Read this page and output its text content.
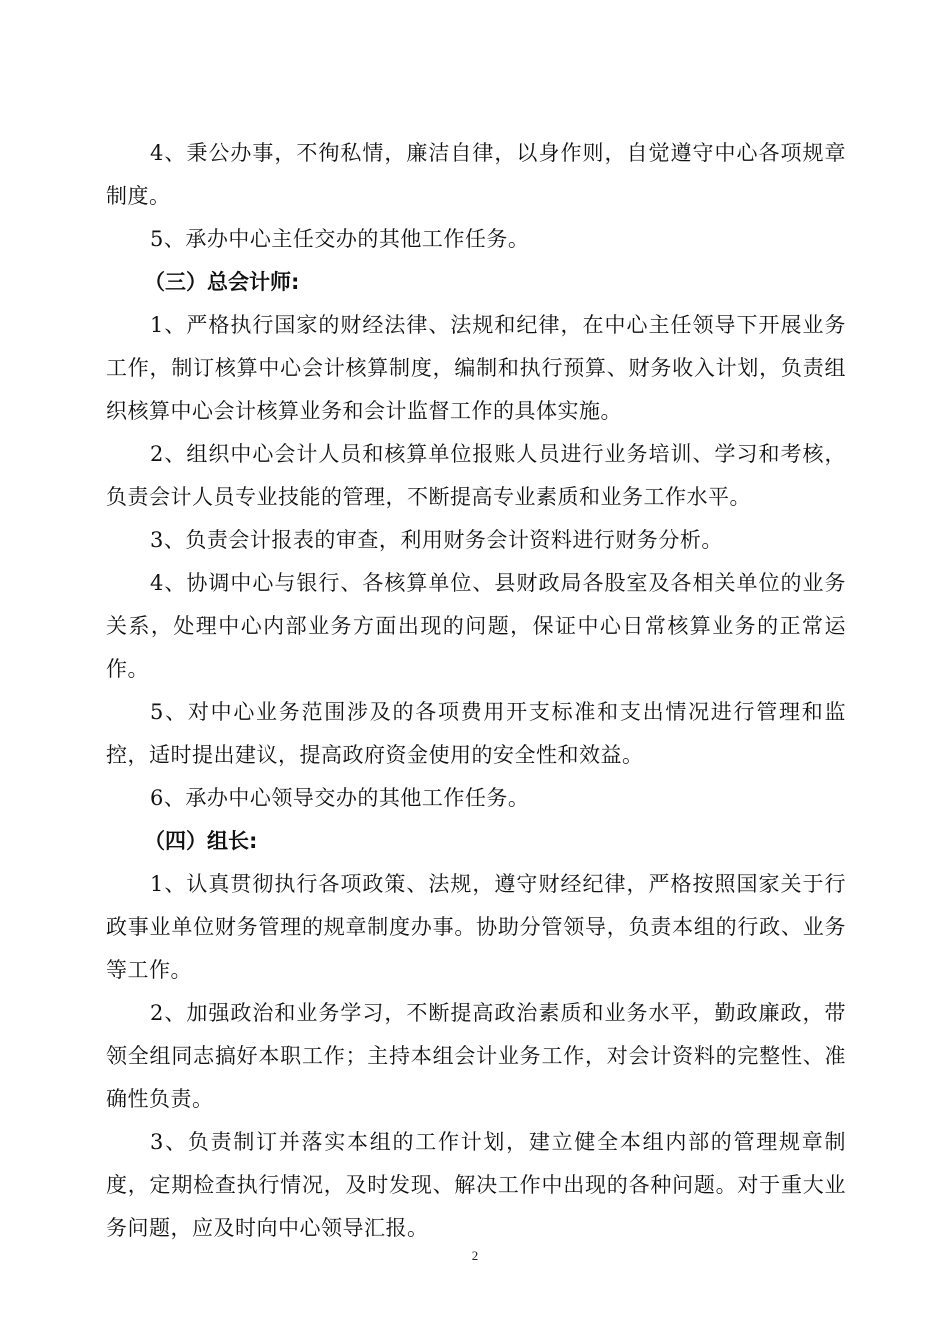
4、秉公办事，不徇私情，廉洁自律，以身作则，自觉遵守中心各项规章制度。

5、承办中心主任交办的其他工作任务。

（三）总会计师:

1、严格执行国家的财经法律、法规和纪律，在中心主任领导下开展业务工作，制订核算中心会计核算制度，编制和执行预算、财务收入计划，负责组织核算中心会计核算业务和会计监督工作的具体实施。

2、组织中心会计人员和核算单位报账人员进行业务培训、学习和考核，负责会计人员专业技能的管理，不断提高专业素质和业务工作水平。

3、负责会计报表的审查，利用财务会计资料进行财务分析。

4、协调中心与银行、各核算单位、县财政局各股室及各相关单位的业务关系，处理中心内部业务方面出现的问题，保证中心日常核算业务的正常运作。

5、对中心业务范围涉及的各项费用开支标准和支出情况进行管理和监控，适时提出建议，提高政府资金使用的安全性和效益。

6、承办中心领导交办的其他工作任务。

（四）组长:

1、认真贯彻执行各项政策、法规，遵守财经纪律，严格按照国家关于行政事业单位财务管理的规章制度办事。协助分管领导，负责本组的行政、业务等工作。

2、加强政治和业务学习，不断提高政治素质和业务水平，勤政廉政，带领全组同志搞好本职工作；主持本组会计业务工作，对会计资料的完整性、准确性负责。

3、负责制订并落实本组的工作计划，建立健全本组内部的管理规章制度，定期检查执行情况，及时发现、解决工作中出现的各种问题。对于重大业务问题，应及时向中心领导汇报。

2
